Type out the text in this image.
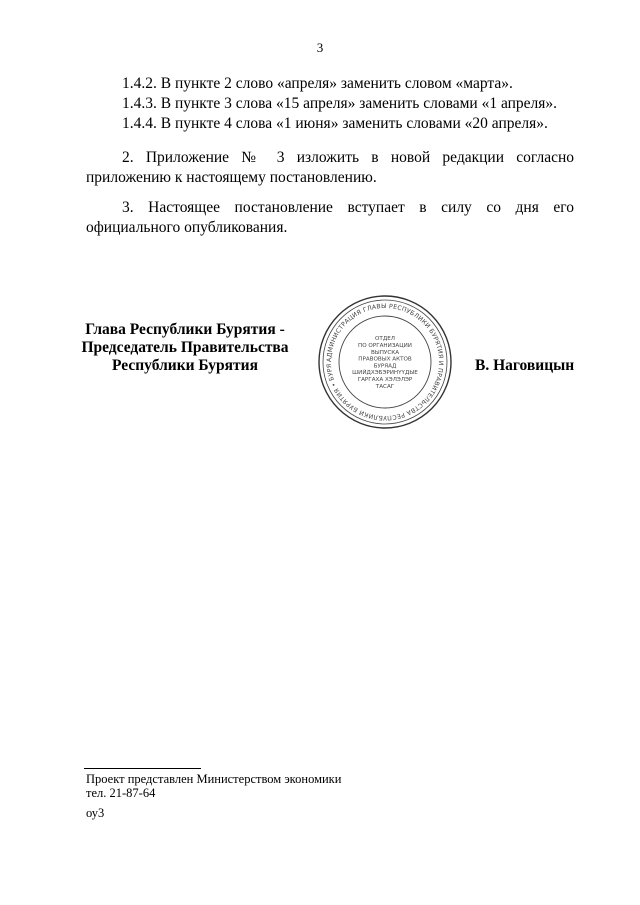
3
1.4.2. В пункте 2 слово «апреля» заменить словом «марта».
1.4.3. В пункте 3 слова «15 апреля» заменить словами «1 апреля».
1.4.4. В пункте 4 слова «1 июня» заменить словами «20 апреля».
2. Приложение № 3 изложить в новой редакции согласно приложению к настоящему постановлению.
3. Настоящее постановление вступает в силу со дня его официального опубликования.
Глава Республики Бурятия -
Председатель Правительства
Республики Бурятия	АДМИНИСТРАЦИЯ ГЛАВЫ РЕСПУБЛИКИ БУРЯТИЯ И ПРАВИТЕЛЬСТВА РЕСПУБЛИКИ БУРЯТИЯ • БУРЯ
ОТДЕЛ
ПО ОРГАНИЗАЦИИ
ВЫПУСКА
ПРАВОВЫХ АКТОВ
БУРЯАД
ШИЙДХЭБЭРИНҮҮДЫЕ
ГАРГАХА ХЭЛЭЛЭР
ТАСАГ
В. Наговицын
Проект представлен Министерством экономики
тел. 21-87-64
оу3
